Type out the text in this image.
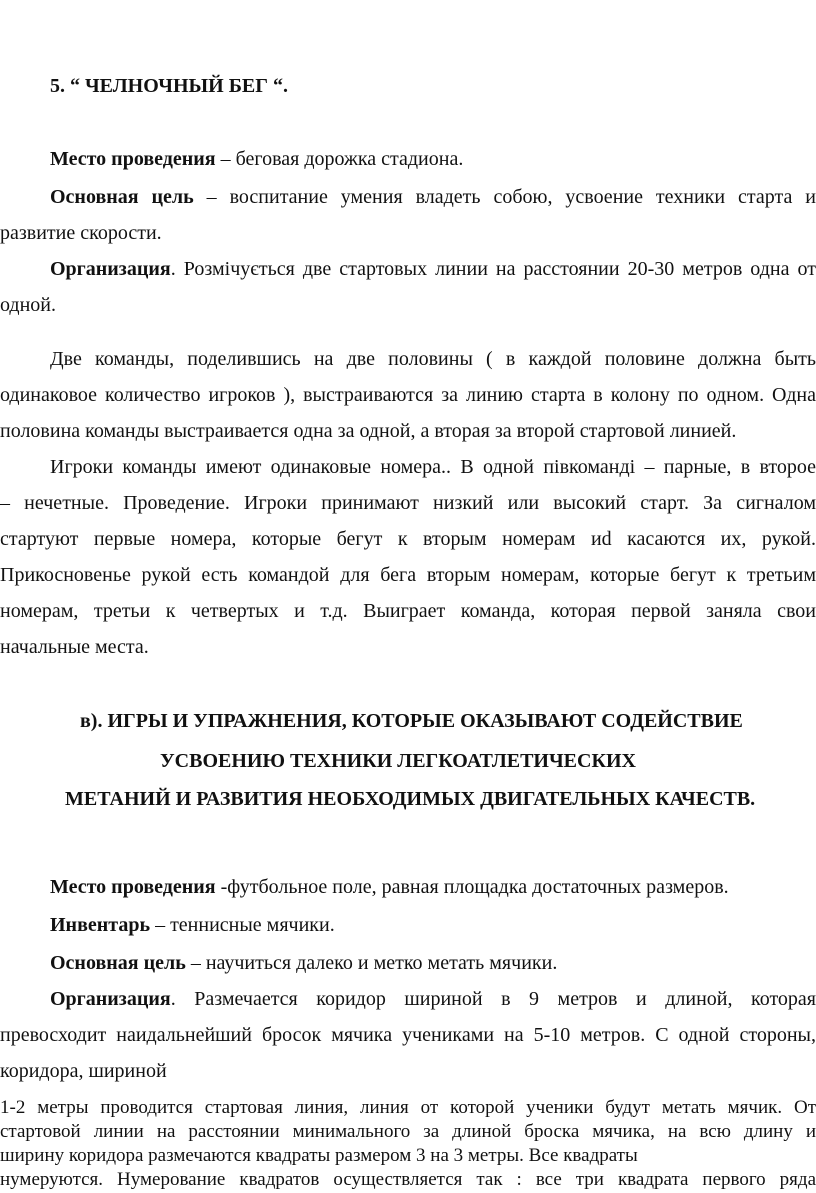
5. “ ЧЕЛНОЧНЫЙ БЕГ “.
Место проведения – беговая дорожка стадиона.
Основная цель – воспитание умения владеть собою, усвоение техники старта и
развитие скорости.
Организация. Розмічується две стартовых линии на расстоянии 20-30 метров одна от
одной.
Две команды, поделившись на две половины ( в каждой половине должна быть
одинаковое количество игроков ), выстраиваются за линию старта в колону по одном. Одна
половина команды выстраивается одна за одной, а вторая за второй стартовой линией.
Игроки команды имеют одинаковые номера.. В одной півкоманді – парные, в второе
– нечетные. Проведение. Игроки принимают низкий или высокий старт. За сигналом
стартуют первые номера, которые бегут к вторым номерам иd касаются их, рукой.
Прикосновенье рукой есть командой для бега вторым номерам, которые бегут к третьим
номерам, третьи к четвертых и т.д. Выиграет команда, которая первой заняла свои
начальные места.
в). ИГРЫ И УПРАЖНЕНИЯ, КОТОРЫЕ ОКАЗЫВАЮТ СОДЕЙСТВИЕ
УСВОЕНИЮ ТЕХНИКИ ЛЕГКОАТЛЕТИЧЕСКИХ
МЕТАНИЙ И РАЗВИТИЯ НЕОБХОДИМЫХ ДВИГАТЕЛЬНЫХ КАЧЕСТВ.
Место проведения -футбольное поле, равная площадка достаточных размеров.
Инвентарь – теннисные мячики.
Основная цель – научиться далеко и метко метать мячики.
Организация. Размечается коридор шириной в 9 метров и длиной, которая
превосходит наидальнейший бросок мячика учениками на 5-10 метров. С одной стороны,
коридора, шириной
1-2 метры проводится стартовая линия, линия от которой ученики будут метать мячик. От
стартовой линии на расстоянии минимального за длиной броска мячика, на всю длину и
ширину коридора размечаются квадраты размером 3 на 3 метры. Все квадраты
нумеруются. Нумерование квадратов осуществляется так : все три квадрата первого ряда
